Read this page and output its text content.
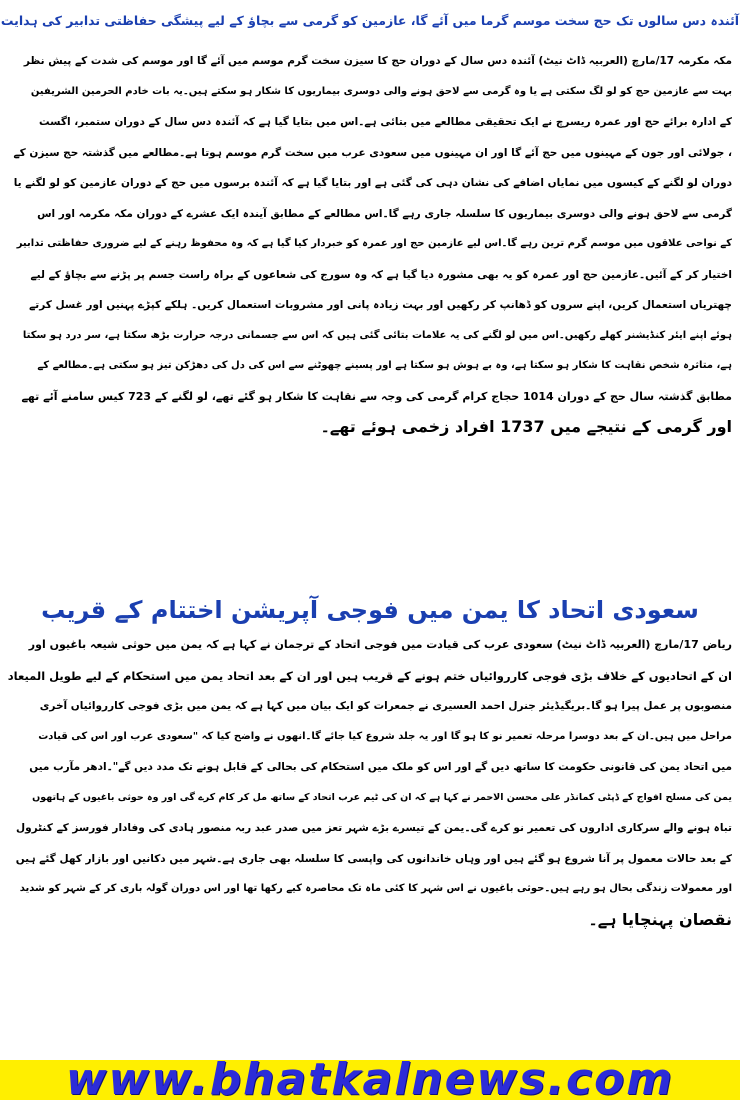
آئندہ دس سالوں تک حج سخت موسم گرما میں آئے گا، عازمین کو گرمی سے بچاؤ کے لیے پیشگی حفاظتی تدابیر کی ہدایت
مکہ مکرمہ 17/مارچ (العربیہ ڈاٹ نیٹ) آئندہ دس سال کے دوران حج کا سیزن سخت گرم موسم میں آئے گا اور موسم کی شدت کے پیش نظر
بہت سے عازمین حج کو لو لگ سکتی ہے یا وہ گرمی سے لاحق ہونے والی دوسری بیماریوں کا شکار ہو سکتے ہیں۔یہ بات خادم الحرمین الشریفین
کے ادارہ برائے حج اور عمرہ ریسرچ نے ایک تحقیقی مطالعے میں بتائی ہے۔اس میں بتایا گیا ہے کہ آئندہ دس سال کے دوران ستمبر، اگست
، جولائی اور جون کے مہینوں میں حج آئے گا اور ان مہینوں میں سعودی عرب میں سخت گرم موسم ہوتا ہے۔مطالعے میں گذشتہ حج سیزن کے
دوران لو لگنے کے کیسوں میں نمایاں اضافے کی نشان دہی کی گئی ہے اور بتایا گیا ہے کہ آئندہ برسوں میں حج کے دوران عازمین کو لو لگنے یا
گرمی سے لاحق ہونے والی دوسری بیماریوں کا سلسلہ جاری رہے گا۔اس مطالعے کے مطابق آیندہ ایک عشرے کے دوران مکہ مکرمہ اور اس
کے نواحی علاقوں میں موسم گرم ترین رہے گا۔اس لیے عازمین حج اور عمرہ کو خبردار کیا گیا ہے کہ وہ محفوظ رہنے کے لیے ضروری حفاظتی تدابیر
اختیار کر کے آئیں۔عازمین حج اور عمرہ کو یہ بھی مشورہ دیا گیا ہے کہ وہ سورج کی شعاعوں کے براہ راست جسم پر پڑنے سے بچاؤ کے لیے
چھتریاں استعمال کریں، اپنے سروں کو ڈھانپ کر رکھیں اور بہت زیادہ پانی اور مشروبات استعمال کریں۔ ہلکے کپڑے پہنیں اور غسل کرتے
ہوئے اپنے ایئر کنڈیشنر کھلے رکھیں۔اس میں لو لگنے کی یہ علامات بتائی گئی ہیں کہ اس سے جسمانی درجہ حرارت بڑھ سکتا ہے، سر درد ہو سکتا
ہے، متاثرہ شخص نقاہت کا شکار ہو سکتا ہے، وہ بے ہوش ہو سکتا ہے اور پسینے چھوٹنے سے اس کی دل کی دھڑکن تیز ہو سکتی ہے۔مطالعے کے
مطابق گذشتہ سال حج کے دوران 1014 حجاج کرام گرمی کی وجہ سے نقاہت کا شکار ہو گئے تھے، لو لگنے کے 723 کیس سامنے آئے تھے
اور گرمی کے نتیجے میں 1737 افراد زخمی ہوئے تھے۔
سعودی اتحاد کا یمن میں فوجی آپریشن اختتام کے قریب
ریاض 17/مارچ (العربیہ ڈاٹ نیٹ) سعودی عرب کی قیادت میں فوجی اتحاد کے ترجمان نے کہا ہے کہ یمن میں حوثی شیعہ باغیوں اور
ان کے اتحادیوں کے خلاف بڑی فوجی کارروائیاں ختم ہونے کے قریب ہیں اور ان کے بعد اتحاد یمن میں استحکام کے لیے طویل المیعاد
منصوبوں پر عمل پیرا ہو گا۔بریگیڈیئر جنرل احمد العسیری نے جمعرات کو ایک بیان میں کہا ہے کہ یمن میں بڑی فوجی کارروائیاں آخری
مراحل میں ہیں۔ان کے بعد دوسرا مرحلہ تعمیر نو کا ہو گا اور یہ جلد شروع کیا جائے گا۔انھوں نے واضح کیا کہ "سعودی عرب اور اس کی قیادت
میں اتحاد یمن کی قانونی حکومت کا ساتھ دیں گے اور اس کو ملک میں استحکام کی بحالی کے قابل ہونے تک مدد دیں گے"۔ادھر مآرب میں
یمن کی مسلح افواج کے ڈپٹی کمانڈر علی محسن الاحمر نے کہا ہے کہ ان کی ٹیم عرب اتحاد کے ساتھ مل کر کام کرے گی اور وہ حوثی باغیوں کے ہاتھوں
تباہ ہونے والے سرکاری اداروں کی تعمیر نو کرے گی۔یمن کے تیسرے بڑے شہر تعز میں صدر عبد ربہ منصور ہادی کی وفادار فورسز کے کنٹرول
کے بعد حالات معمول پر آنا شروع ہو گئے ہیں اور وہاں خاندانوں کی واپسی کا سلسلہ بھی جاری ہے۔شہر میں دکانیں اور بازار کھل گئے ہیں
اور معمولات زندگی بحال ہو رہے ہیں۔حوثی باغیوں نے اس شہر کا کئی ماہ تک محاصرہ کیے رکھا تھا اور اس دوران گولہ باری کر کے شہر کو شدید
نقصان پہنچایا ہے۔
www.bhatkalnews.com
